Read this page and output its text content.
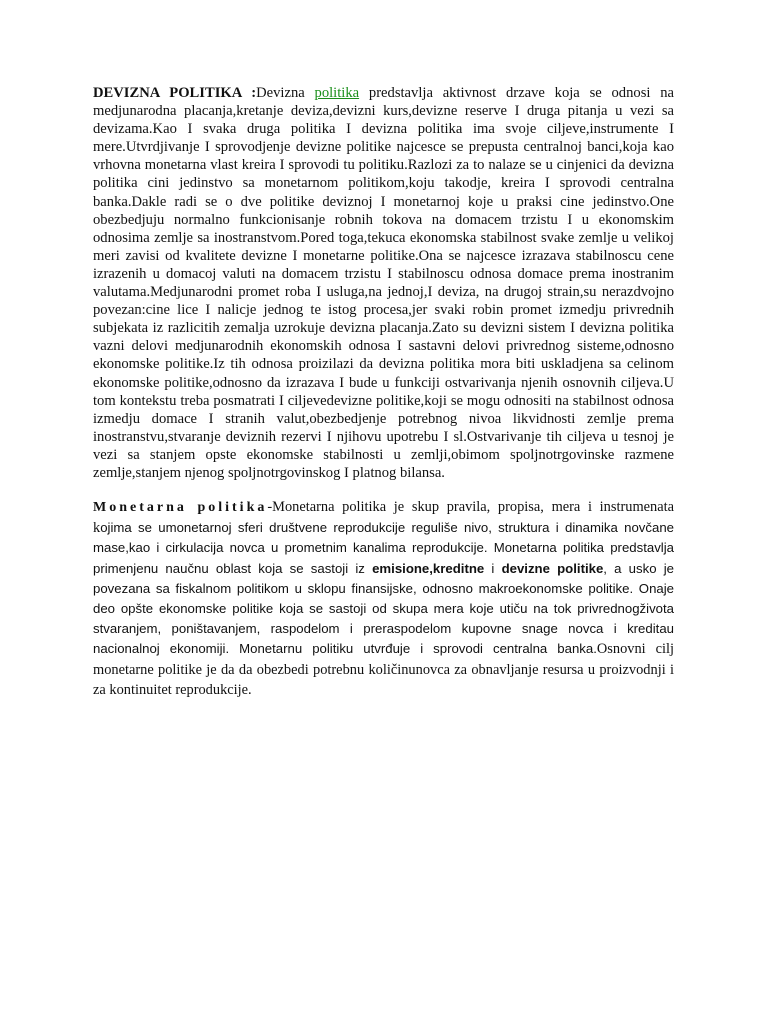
DEVIZNA POLITIKA :Devizna politika predstavlja aktivnost drzave koja se odnosi na medjunarodna placanja,kretanje deviza,devizni kurs,devizne reserve I druga pitanja u vezi sa devizama.Kao I svaka druga politika I devizna politika ima svoje ciljeve,instrumente I mere.Utvrdjivanje I sprovodjenje devizne politike najcesce se prepusta centralnoj banci,koja kao vrhovna monetarna vlast kreira I sprovodi tu politiku.Razlozi za to nalaze se u cinjenici da devizna politika cini jedinstvo sa monetarnom politikom,koju takodje, kreira I sprovodi centralna banka.Dakle radi se o dve politike deviznoj I monetarnoj koje u praksi cine jedinstvo.One obezbedjuju normalno funkcionisanje robnih tokova na domacem trzistu I u ekonomskim odnosima zemlje sa inostranstvom.Pored toga,tekuca ekonomska stabilnost svake zemlje u velikoj meri zavisi od kvalitete devizne I monetarne politike.Ona se najcesce izrazava stabilnoscu cene izrazenih u domacoj valuti na domacem trzistu I stabilnoscu odnosa domace prema inostranim valutama.Medjunarodni promet roba I usluga,na jednoj,I deviza, na drugoj strain,su nerazdvojno povezan:cine lice I nalicje jednog te istog procesa,jer svaki robin promet izmedju privrednih subjekata iz razlicitih zemalja uzrokuje devizna placanja.Zato su devizni sistem I devizna politika vazni delovi medjunarodnih ekonomskih odnosa I sastavni delovi privrednog sisteme,odnosno ekonomske politike.Iz tih odnosa proizilazi da devizna politika mora biti uskladjena sa celinom ekonomske politike,odnosno da izrazava I bude u funkciji ostvarivanja njenih osnovnih ciljeva.U tom kontekstu treba posmatrati I ciljevedevizne politike,koji se mogu odnositi na stabilnost odnosa izmedju domace I stranih valut,obezbedjenje potrebnog nivoa likvidnosti zemlje prema inostranstvu,stvaranje deviznih rezervi I njihovu upotrebu I sl.Ostvarivanje tih ciljeva u tesnoj je vezi sa stanjem opste ekonomske stabilnosti u zemlji,obimom spoljnotrgovinske razmene zemlje,stanjem njenog spoljnotrgovinskog I platnog bilansa.

Monetarna politika-Monetarna politika je skup pravila, propisa, mera i instrumenata kojima se umonetarnoj sferi društvene reprodukcije reguliše nivo, struktura i dinamika novčane mase,kao i cirkulacija novca u prometnim kanalima reprodukcije. Monetarna politika predstavlja primenjenu naučnu oblast koja se sastoji iz emisione,kreditne i devizne politike, a usko je povezana sa fiskalnom politikom u sklopu finansijske, odnosno makroekonomske politike. Onaje deo opšte ekonomske politike koja se sastoji od skupa mera koje utiču na tok privrednogživota stvaranjem, poništavanjem, raspodelom i preraspodelom kupovne snage novca i kreditau nacionalnoj ekonomiji. Monetarnu politiku utvrđuje i sprovodi centralna banka.Osnovni cilj monetarne politike je da da obezbedi potrebnu količinunovca za obnavljanje resursa u proizvodnji i za kontinuitet reprodukcije.
